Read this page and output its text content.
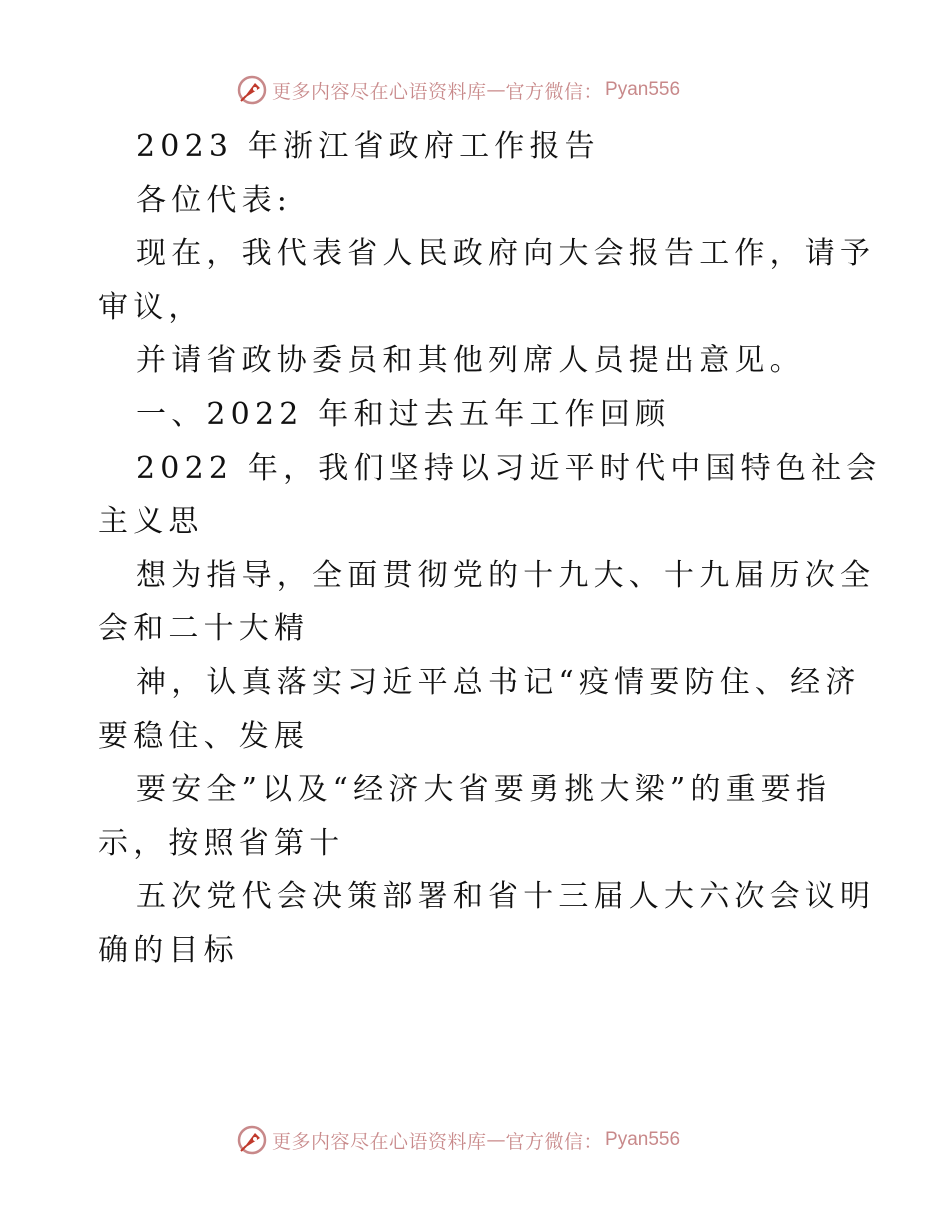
更多内容尽在心语资料库 — 官方微信： Pyan556
2023 年浙江省政府工作报告
各位代表:
现在，我代表省人民政府向大会报告工作，请予
审议，
并请省政协委员和其他列席人员提出意见。
一、2022 年和过去五年工作回顾
2022 年，我们坚持以习近平时代中国特色社会
主义思
想为指导，全面贯彻党的十九大、十九届历次全
会和二十大精
神，认真落实习近平总书记“疫情要防住、经济
要稳住、发展
要安全”以及“经济大省要勇挑大梁”的重要指
示，按照省第十
五次党代会决策部署和省十三届人大六次会议明
确的目标
更多内容尽在心语资料库 — 官方微信： Pyan556
